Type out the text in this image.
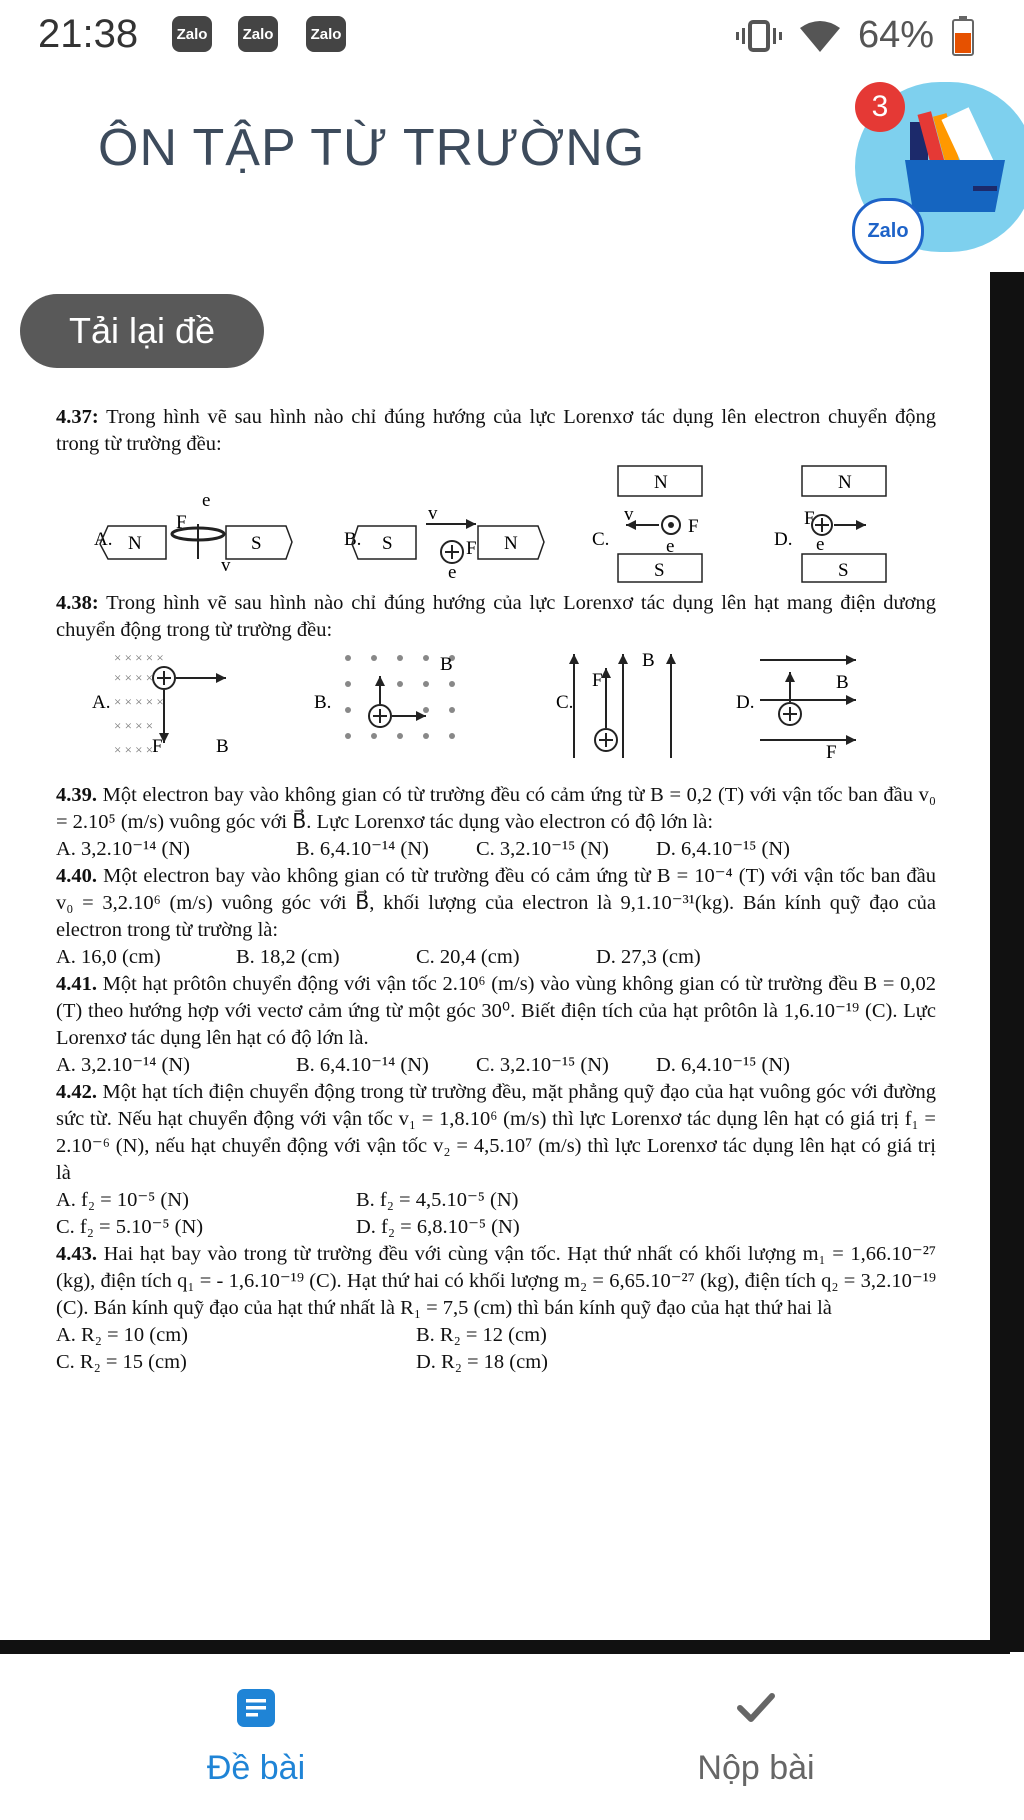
21:38	Zalo	Zalo	Zalo	64%
ÔN TẬP TỪ TRƯỜNG
3
Zalo
Tải lại đề

4.37: Trong hình vẽ sau hình nào chỉ đúng hướng của lực Lorenxơ tác dụng lên electron chuyển động trong từ trường đều:

A. N	S
e
F
v
B. S	N
v
F
e
C.
N
S
v
F
e	D.
N
S
F
e

4.38: Trong hình vẽ sau hình nào chỉ đúng hướng của lực Lorenxơ tác dụng lên hạt mang điện dương chuyển động trong từ trường đều:

A.
× × × × ×
× × × ×
× × × × ×
× × × ×
× × × ×
F	B
B.
B
C.
F
B
D.
B
F

4.39. Một electron bay vào không gian có từ trường đều có cảm ứng từ B = 0,2 (T) với vận tốc ban đầu v₀ = 2.10⁵ (m/s) vuông góc với B⃗. Lực Lorenxơ tác dụng vào electron có độ lớn là:

A. 3,2.10⁻¹⁴ (N)	B. 6,4.10⁻¹⁴ (N)	C. 3,2.10⁻¹⁵ (N)	D. 6,4.10⁻¹⁵ (N)

4.40. Một electron bay vào không gian có từ trường đều có cảm ứng từ B = 10⁻⁴ (T) với vận tốc ban đầu v₀ = 3,2.10⁶ (m/s) vuông góc với B⃗, khối lượng của electron là 9,1.10⁻³¹(kg). Bán kính quỹ đạo của electron trong từ trường là:

A. 16,0 (cm)	B. 18,2 (cm)	C. 20,4 (cm)	D. 27,3 (cm)

4.41. Một hạt prôtôn chuyển động với vận tốc 2.10⁶ (m/s) vào vùng không gian có từ trường đều B = 0,02 (T) theo hướng hợp với vectơ cảm ứng từ một góc 30⁰. Biết điện tích của hạt prôtôn là 1,6.10⁻¹⁹ (C). Lực Lorenxơ tác dụng lên hạt có độ lớn là.

A. 3,2.10⁻¹⁴ (N)	B. 6,4.10⁻¹⁴ (N)	C. 3,2.10⁻¹⁵ (N)	D. 6,4.10⁻¹⁵ (N)

4.42. Một hạt tích điện chuyển động trong từ trường đều, mặt phẳng quỹ đạo của hạt vuông góc với đường sức từ. Nếu hạt chuyển động với vận tốc v₁ = 1,8.10⁶ (m/s) thì lực Lorenxơ tác dụng lên hạt có giá trị f₁ = 2.10⁻⁶ (N), nếu hạt chuyển động với vận tốc v₂ = 4,5.10⁷ (m/s) thì lực Lorenxơ tác dụng lên hạt có giá trị là

A. f₂ = 10⁻⁵ (N)	B. f₂ = 4,5.10⁻⁵ (N)
C. f₂ = 5.10⁻⁵ (N)	D. f₂ = 6,8.10⁻⁵ (N)

4.43. Hai hạt bay vào trong từ trường đều với cùng vận tốc. Hạt thứ nhất có khối lượng m₁ = 1,66.10⁻²⁷ (kg), điện tích q₁ = - 1,6.10⁻¹⁹ (C). Hạt thứ hai có khối lượng m₂ = 6,65.10⁻²⁷ (kg), điện tích q₂ = 3,2.10⁻¹⁹ (C). Bán kính quỹ đạo của hạt thứ nhất là R₁ = 7,5 (cm) thì bán kính quỹ đạo của hạt thứ hai là

A. R₂ = 10 (cm)	B. R₂ = 12 (cm)
C. R₂ = 15 (cm)	D. R₂ = 18 (cm)
Đề bài	Nộp bài
